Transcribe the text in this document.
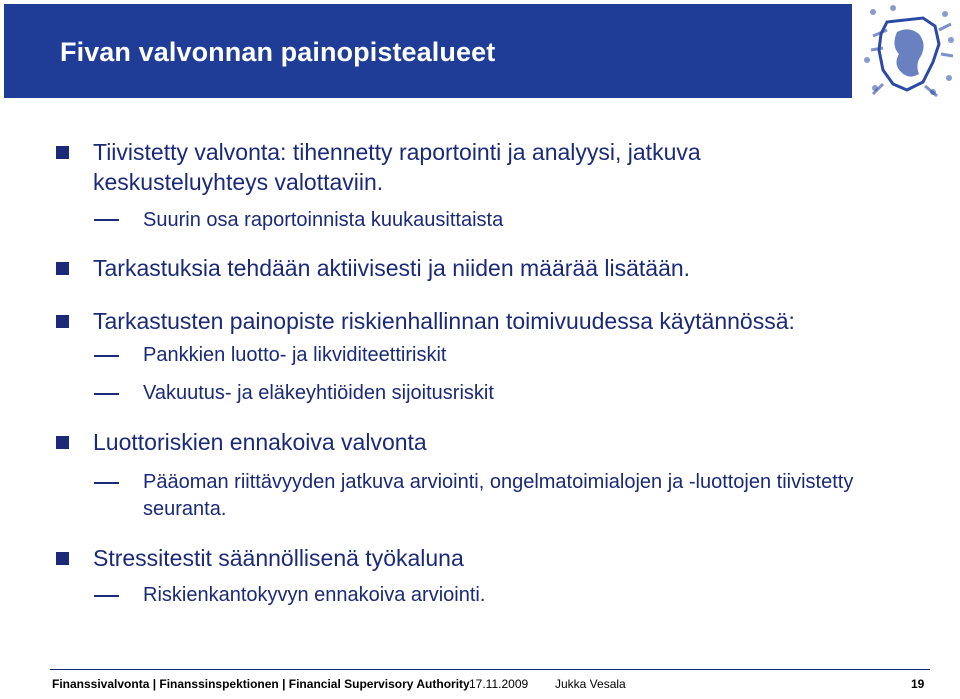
Fivan valvonnan painopistealueet
Tiivistetty valvonta: tihennetty raportointi ja analyysi, jatkuva keskusteluyhteys valottaviin.
Suurin osa raportoinnista kuukausittaista
Tarkastuksia tehdään aktiivisesti ja niiden määrää lisätään.
Tarkastusten painopiste riskienhallinnan toimivuudessa käytännössä:
Pankkien luotto- ja likviditeettiriskit
Vakuutus- ja eläkeyhtiöiden sijoitusriskit
Luottoriskien ennakoiva valvonta
Pääoman riittävyyden jatkuva arviointi, ongelmatoimialojen ja -luottojen tiivistetty seuranta.
Stressitestit säännöllisenä työkaluna
Riskienkantokyvyn ennakoiva arviointi.
Finanssivalvonta | Finanssinspektionen | Financial Supervisory Authority 17.11.2009 Jukka Vesala	19
